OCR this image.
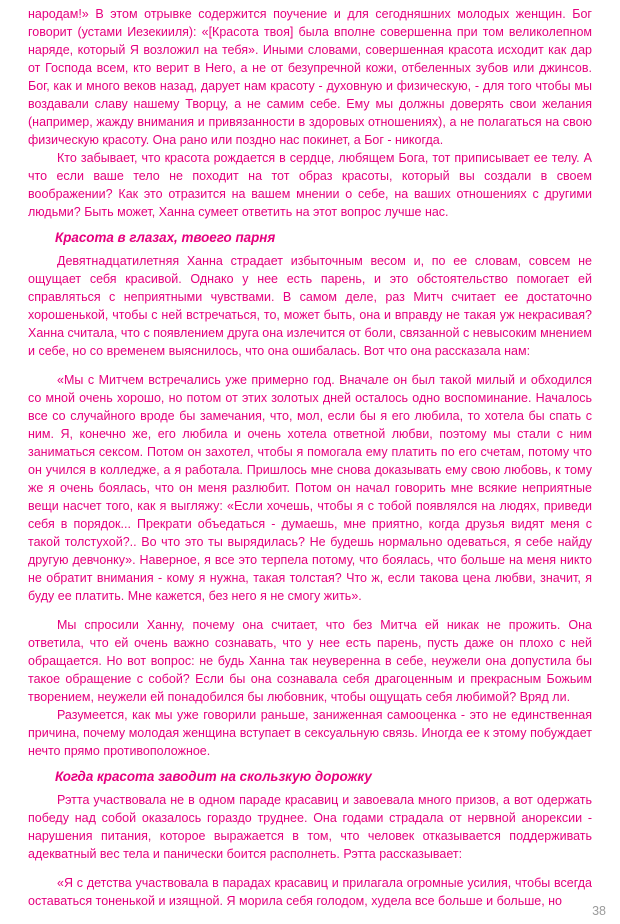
народам!» В этом отрывке содержится поучение и для сегодняшних молодых женщин. Бог говорит (устами Иезекииля): «[Красота твоя] была вполне совершенна при том великолепном наряде, который Я возложил на тебя». Иными словами, совершенная красота исходит как дар от Господа всем, кто верит в Него, а не от безупречной кожи, отбеленных зубов или джинсов. Бог, как и много веков назад, дарует нам красоту - духовную и физическую, - для того чтобы мы воздавали славу нашему Творцу, а не самим себе. Ему мы должны доверять свои желания (например, жажду внимания и привязанности в здоровых отношениях), а не полагаться на свою физическую красоту. Она рано или поздно нас покинет, а Бог - никогда.

Кто забывает, что красота рождается в сердце, любящем Бога, тот приписывает ее телу. А что если ваше тело не походит на тот образ красоты, который вы создали в своем воображении? Как это отразится на вашем мнении о себе, на ваших отношениях с другими людьми? Быть может, Ханна сумеет ответить на этот вопрос лучше нас.

Красота в глазах, твоего парня

Девятнадцатилетняя Ханна страдает избыточным весом и, по ее словам, совсем не ощущает себя красивой. Однако у нее есть парень, и это обстоятельство помогает ей справляться с неприятными чувствами. В самом деле, раз Митч считает ее достаточно хорошенькой, чтобы с ней встречаться, то, может быть, она и вправду не такая уж некрасивая? Ханна считала, что с появлением друга она излечится от боли, связанной с невысоким мнением и себе, но со временем выяснилось, что она ошибалась. Вот что она рассказала нам:

«Мы с Митчем встречались уже примерно год. Вначале он был такой милый и обходился со мной очень хорошо, но потом от этих золотых дней осталось одно воспоминание. Началось все со случайного вроде бы замечания, что, мол, если бы я его любила, то хотела бы спать с ним. Я, конечно же, его любила и очень хотела ответной любви, поэтому мы стали с ним заниматься сексом. Потом он захотел, чтобы я помогала ему платить по его счетам, потому что он учился в колледже, а я работала. Пришлось мне снова доказывать ему свою любовь, к тому же я очень боялась, что он меня разлюбит. Потом он начал говорить мне всякие неприятные вещи насчет того, как я выгляжу: «Если хочешь, чтобы я с тобой появлялся на людях, приведи себя в порядок... Прекрати объедаться - думаешь, мне приятно, когда друзья видят меня с такой толстухой?.. Во что это ты вырядилась? Не будешь нормально одеваться, я себе найду другую девчонку». Наверное, я все это терпела потому, что боялась, что больше на меня никто не обратит внимания - кому я нужна, такая толстая? Что ж, если такова цена любви, значит, я буду ее платить. Мне кажется, без него я не смогу жить».

Мы спросили Ханну, почему она считает, что без Митча ей никак не прожить. Она ответила, что ей очень важно сознавать, что у нее есть парень, пусть даже он плохо с ней обращается. Но вот вопрос: не будь Ханна так неуверенна в себе, неужели она допустила бы такое обращение с собой? Если бы она сознавала себя драгоценным и прекрасным Божьим творением, неужели ей понадобился бы любовник, чтобы ощущать себя любимой? Вряд ли.

Разумеется, как мы уже говорили раньше, заниженная самооценка - это не единственная причина, почему молодая женщина вступает в сексуальную связь. Иногда ее к этому побуждает нечто прямо противоположное.

Когда красота заводит на скользкую дорожку

Рэтта участвовала не в одном параде красавиц и завоевала много призов, а вот одержать победу над собой оказалось гораздо труднее. Она годами страдала от нервной анорексии - нарушения питания, которое выражается в том, что человек отказывается поддерживать адекватный вес тела и панически боится располнеть. Рэтта рассказывает:

«Я с детства участвовала в парадах красавиц и прилагала огромные усилия, чтобы всегда оставаться тоненькой и изящной. Я морила себя голодом, худела все больше и больше, но

38
